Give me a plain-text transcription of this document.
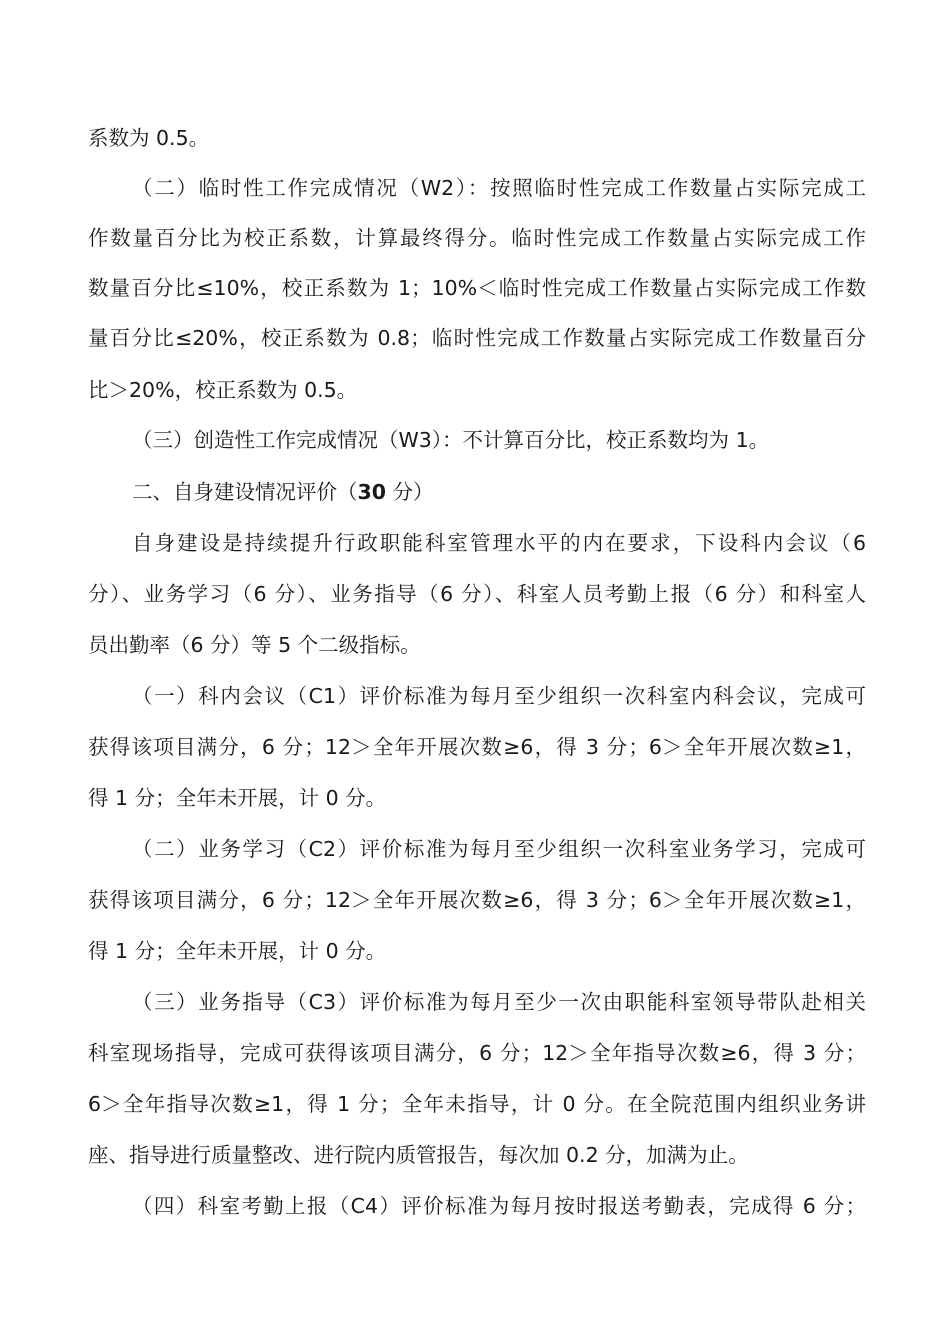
系数为 0.5。
（二）临时性工作完成情况（W2）：按照临时性完成工作数量占实际完成工
作数量百分比为校正系数，计算最终得分。临时性完成工作数量占实际完成工作
数量百分比≤10%，校正系数为 1；10%＜临时性完成工作数量占实际完成工作数
量百分比≤20%，校正系数为 0.8；临时性完成工作数量占实际完成工作数量百分
比＞20%，校正系数为 0.5。
（三）创造性工作完成情况（W3）：不计算百分比，校正系数均为 1。
二、自身建设情况评价（30 分）
自身建设是持续提升行政职能科室管理水平的内在要求，下设科内会议（6
分）、业务学习（6 分）、业务指导（6 分）、科室人员考勤上报（6 分）和科室人
员出勤率（6 分）等 5 个二级指标。
（一）科内会议（C1）评价标准为每月至少组织一次科室内科会议，完成可
获得该项目满分，6 分；12＞全年开展次数≥6，得 3 分；6＞全年开展次数≥1，
得 1 分；全年未开展，计 0 分。
（二）业务学习（C2）评价标准为每月至少组织一次科室业务学习，完成可
获得该项目满分，6 分；12＞全年开展次数≥6，得 3 分；6＞全年开展次数≥1，
得 1 分；全年未开展，计 0 分。
（三）业务指导（C3）评价标准为每月至少一次由职能科室领导带队赴相关
科室现场指导，完成可获得该项目满分，6 分；12＞全年指导次数≥6，得 3 分；
6＞全年指导次数≥1，得 1 分；全年未指导，计 0 分。在全院范围内组织业务讲
座、指导进行质量整改、进行院内质管报告，每次加 0.2 分，加满为止。
（四）科室考勤上报（C4）评价标准为每月按时报送考勤表，完成得 6 分；
